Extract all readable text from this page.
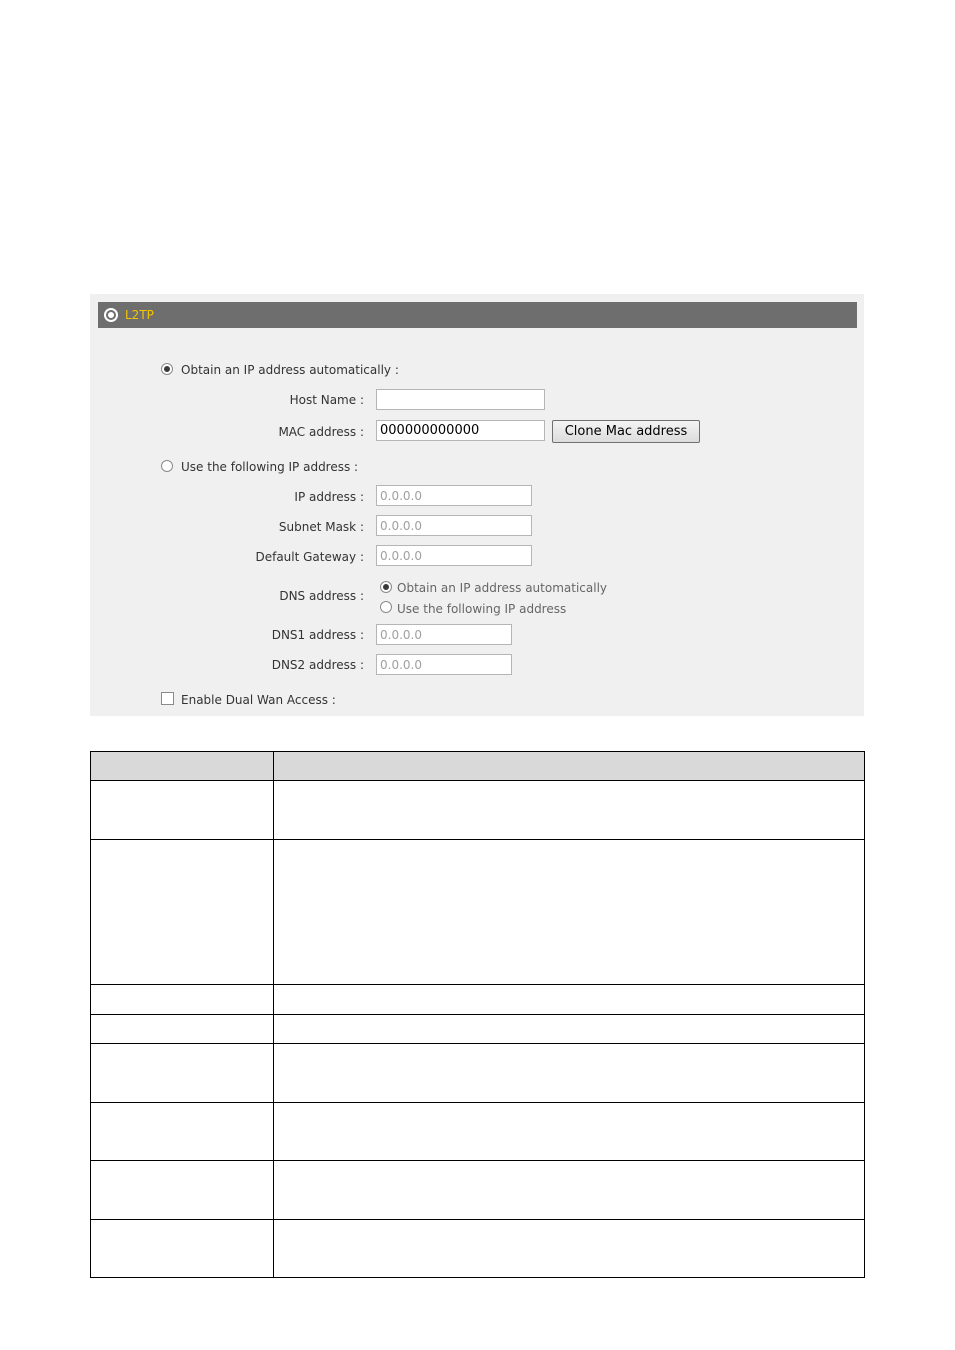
L2TP
Obtain an IP address automatically :
Host Name :
MAC address :
000000000000	Clone Mac address
Use the following IP address :
IP address :
0.0.0.0
Subnet Mask :
0.0.0.0
Default Gateway :
0.0.0.0
DNS address :
Obtain an IP address automatically
Use the following IP address
DNS1 address :
0.0.0.0
DNS2 address :
0.0.0.0
Enable Dual Wan Access :
